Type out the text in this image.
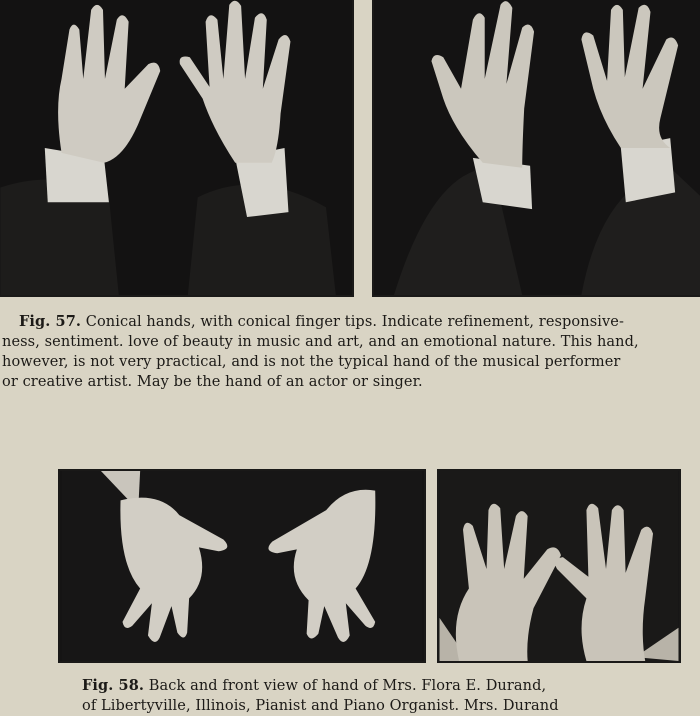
Fig. 57. Conical hands, with conical finger tips. Indicate refinement, responsive-
ness, sentiment. love of beauty in music and art, and an emotional nature. This hand,
however, is not very practical, and is not the typical hand of the musical performer
or creative artist. May be the hand of an actor or singer.
Fig. 58. Back and front view of hand of Mrs. Flora E. Durand,
of Libertyville, Illinois, Pianist and Piano Organist. Mrs. Durand
